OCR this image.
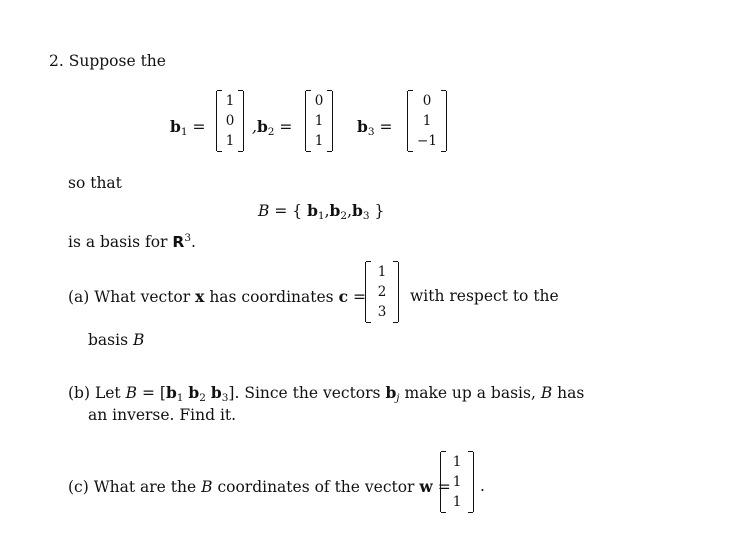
2. Suppose the
$b_1$ =
1
0
1
$,b_2$ =
0
1
1
$b_3$ =
0
1
−1
so that
B = { $b_1,b_2,b_3$ }
is a basis for $R^3$.
(a) What vector x has coordinates c =
1
2
3
with respect to the
basis B
(b) Let $B = [b_1$ $b_2$ $b_3$]. Since the vectors $b_j$ make up a basis, B has
an inverse. Find it.
(c) What are the B coordinates of the vector w =
1
1
1
.
